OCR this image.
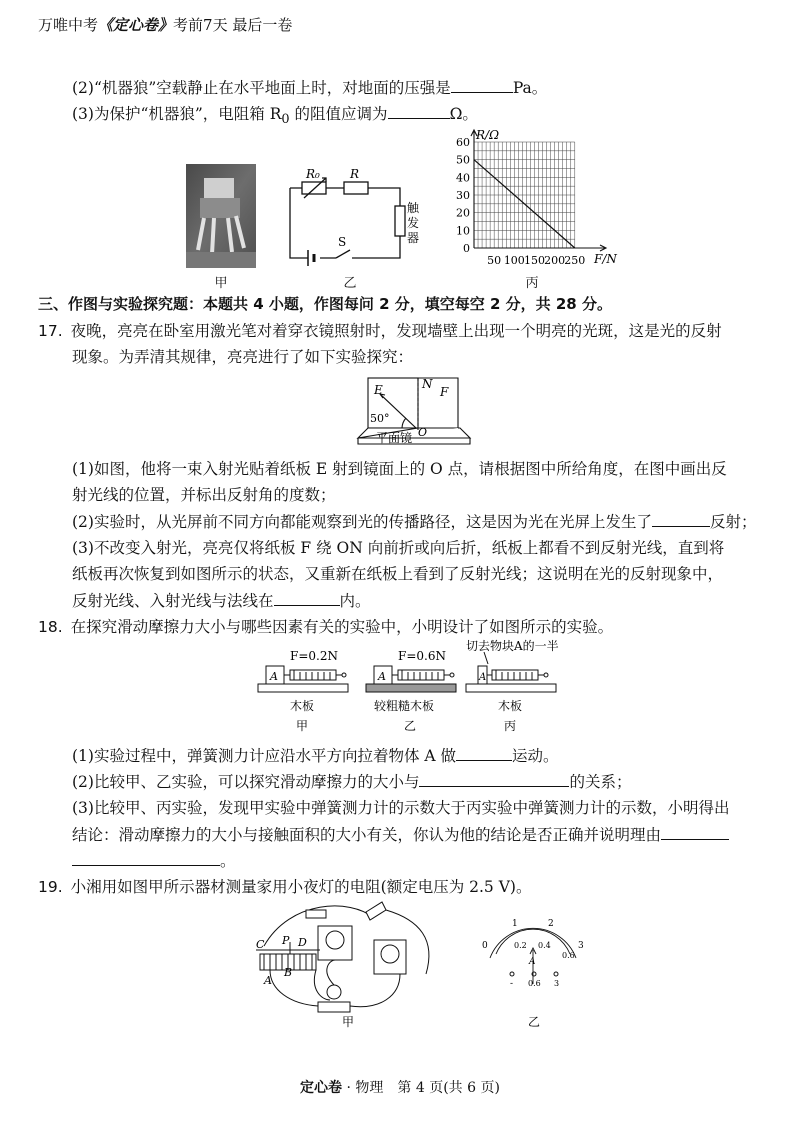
万唯中考《定心卷》考前7天 最后一卷
(2)“机器狼”空载静止在水平地面上时，对地面的压强是	Pa。
(3)为保护“机器狼”，电阻箱 $R_0$ 的阻值应调为	Ω。
甲
R₀	R
S
触
发
器
乙
0
10
20
30
40
50
60
50 100 150 200 250
R/Ω
F/N
丙
三、作图与实验探究题：本题共 4 小题，作图每问 2 分，填空每空 2 分，共 28 分。
17. 夜晚，亮亮在卧室用激光笔对着穿衣镜照射时，发现墙壁上出现一个明亮的光斑，这是光的反射
现象。为弄清其规律，亮亮进行了如下实验探究：
E	N
F
O
50°
平面镜
(1)如图，他将一束入射光贴着纸板 E 射到镜面上的 O 点，请根据图中所给角度，在图中画出反
射光线的位置，并标出反射角的度数；
(2)实验时，从光屏前不同方向都能观察到光的传播路径，这是因为光在光屏上发生了	反射；
(3)不改变入射光，亮亮仅将纸板 F 绕 ON 向前折或向后折，纸板上都看不到反射光线，直到将
纸板再次恢复到如图所示的状态，又重新在纸板上看到了反射光线；这说明在光的反射现象中，
反射光线、入射光线与法线在	内。
18. 在探究滑动摩擦力大小与哪些因素有关的实验中，小明设计了如图所示的实验。
F=0.2N	F=0.6N
切去物块A的一半
A	A	A
木板	较粗糙木板	木板
甲	乙	丙
(1)实验过程中，弹簧测力计应沿水平方向拉着物体 A 做	运动。
(2)比较甲、乙实验，可以探究滑动摩擦力的大小与	的关系；
(3)比较甲、丙实验，发现甲实验中弹簧测力计的示数大于丙实验中弹簧测力计的示数，小明得出
结论：滑动摩擦力的大小与接触面积的大小有关，你认为他的结论是否正确并说明理由
。
19. 小湘用如图甲所示器材测量家用小夜灯的电阻(额定电压为 2.5 V)。
C P D
A
B
甲
0
1	2
3
0.2 0.4
0.6
A
- 0.6 3
乙
定心卷 · 物理　第 4 页(共 6 页)
